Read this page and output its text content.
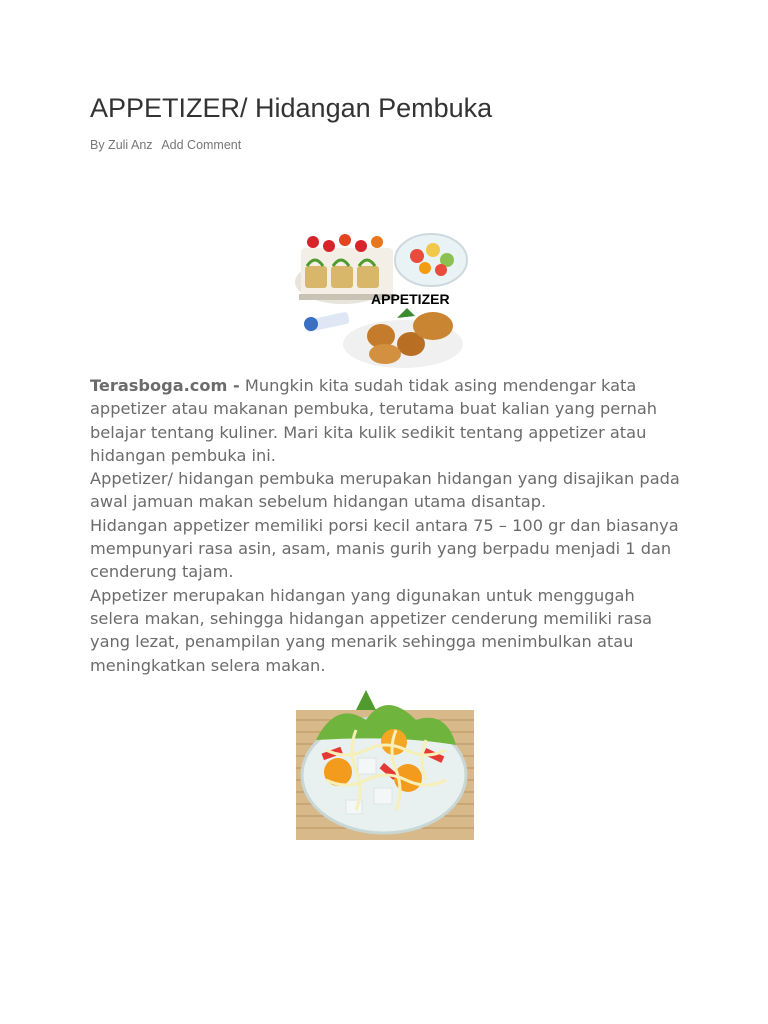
APPETIZER/ Hidangan Pembuka
By Zuli Anz Add Comment
APPETIZER

Terasboga.com - Mungkin kita sudah tidak asing mendengar kata appetizer atau makanan pembuka, terutama buat kalian yang pernah belajar tentang kuliner. Mari kita kulik sedikit tentang appetizer atau hidangan pembuka ini.

Appetizer/ hidangan pembuka merupakan hidangan yang disajikan pada awal jamuan makan sebelum hidangan utama disantap.

Hidangan appetizer memiliki porsi kecil antara 75 – 100 gr dan biasanya mempunyari rasa asin, asam, manis gurih yang berpadu menjadi 1 dan cenderung tajam.

Appetizer merupakan hidangan yang digunakan untuk menggugah selera makan, sehingga hidangan appetizer cenderung memiliki rasa yang lezat, penampilan yang menarik sehingga menimbulkan atau meningkatkan selera makan.
